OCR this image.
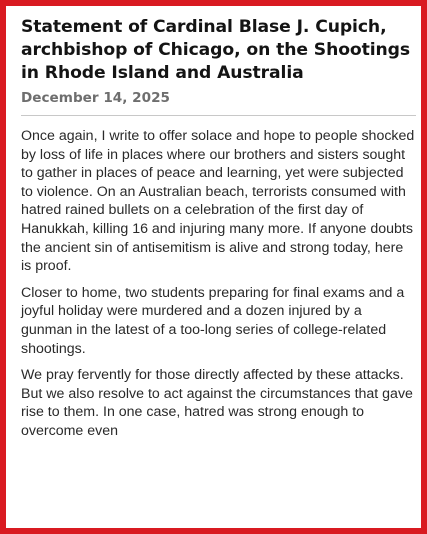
Statement of Cardinal Blase J. Cupich, archbishop of Chicago, on the Shootings in Rhode Island and Australia
December 14, 2025

Once again, I write to offer solace and hope to people shocked by loss of life in places where our brothers and sisters sought to gather in places of peace and learning, yet were subjected to violence. On an Australian beach, terrorists consumed with hatred rained bullets on a celebration of the first day of Hanukkah, killing 16 and injuring many more. If anyone doubts the ancient sin of antisemitism is alive and strong today, here is proof.

Closer to home, two students preparing for final exams and a joyful holiday were murdered and a dozen injured by a gunman in the latest of a too-long series of college-related shootings.

We pray fervently for those directly affected by these attacks. But we also resolve to act against the circumstances that gave rise to them. In one case, hatred was strong enough to overcome even
